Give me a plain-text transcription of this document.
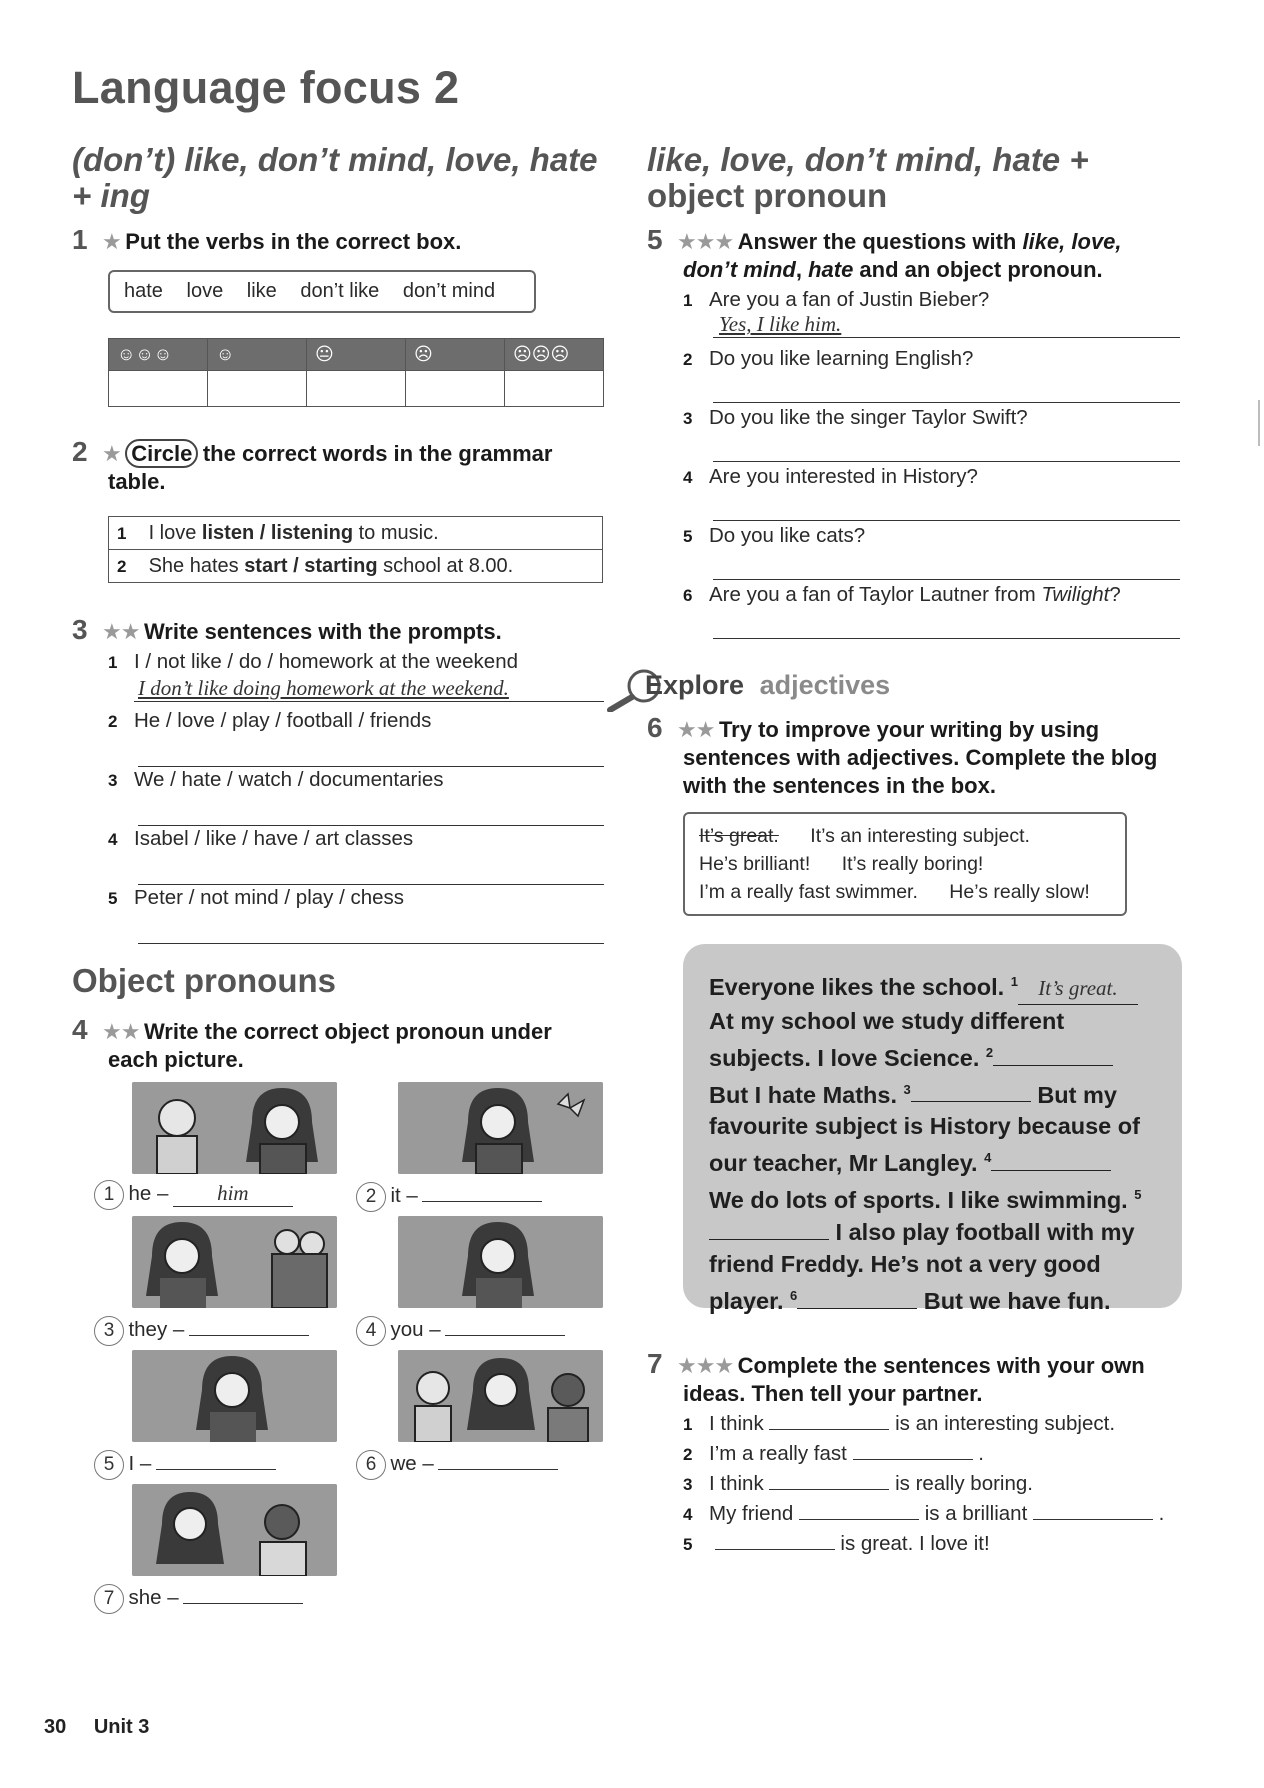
Language focus 2
(don’t) like, don’t mind, love, hate
+ ing
1 ★ Put the verbs in the correct box.
hate love like don’t like don’t mind
☺☺☺	☺	😐	☹	☹☹☹

2 ★ Circle the correct words in the grammar
table.
1 I love listen / listening to music.
2 She hates start / starting school at 8.00.
3 ★★ Write sentences with the prompts.
1 I / not like / do / homework at the weekend
I don’t like doing homework at the weekend.
2 He / love / play / football / friends
3 We / hate / watch / documentaries
4 Isabel / like / have / art classes
5 Peter / not mind / play / chess
Object pronouns
4 ★★ Write the correct object pronoun under
each picture.
1 he – him	2 it –
3 they –	4 you –
5 I –	6 we –
7 she –
like, love, don’t mind, hate +
object pronoun
5 ★★★ Answer the questions with like, love,
don’t mind, hate and an object pronoun.
1 Are you a fan of Justin Bieber?
Yes, I like him.
2 Do you like learning English?
3 Do you like the singer Taylor Swift?
4 Are you interested in History?
5 Do you like cats?
6 Are you a fan of Taylor Lautner from Twilight?
Explore adjectives
6 ★★ Try to improve your writing by using
sentences with adjectives. Complete the blog
with the sentences in the box.
It’s great. It’s an interesting subject.
He’s brilliant! It’s really boring!
I’m a really fast swimmer. He’s really slow!
Everyone likes the school. $^1$ It’s great.
At my school we study different
subjects. I love Science. $^2$
But I hate Maths. $^3$	But my
favourite subject is History because of
our teacher, Mr Langley. $^4$
We do lots of sports. I like swimming. $^5$
I also play football with my
friend Freddy. He’s not a very good
player. $^6$	But we have fun.
7 ★★★ Complete the sentences with your own
ideas. Then tell your partner.
1 I think	is an interesting subject.
2 I’m a really fast	.
3 I think	is really boring.
4 My friend	is a brilliant	.
5	is great. I love it!
30 Unit 3
